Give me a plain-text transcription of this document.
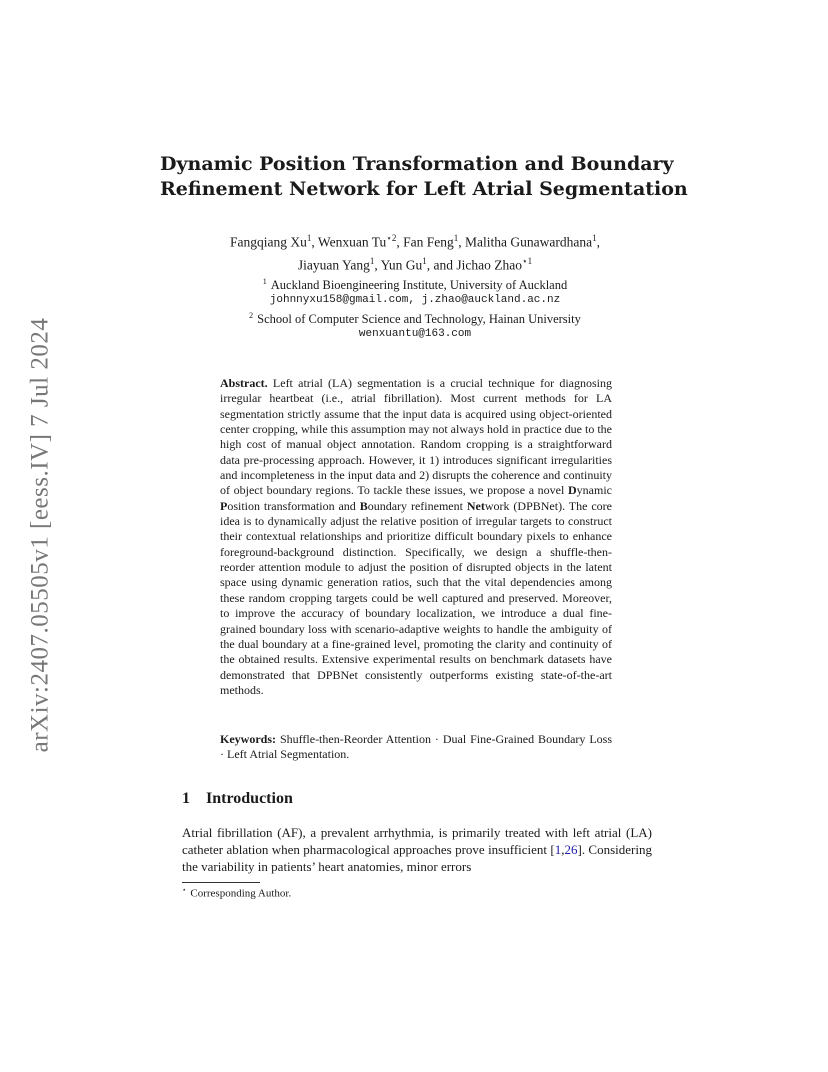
arXiv:2407.05505v1 [eess.IV] 7 Jul 2024
Dynamic Position Transformation and Boundary
Refinement Network for Left Atrial Segmentation
Fangqiang Xu$^1$, Wenxuan $Tu^{⋆2}$, Fan Feng$^1$, Malitha Gunawardhana$^1$,
Jiayuan Yang$^1$, Yun Gu$^1$, and Jichao Zhao$^{⋆1}$
$^1$ Auckland Bioengineering Institute, University of Auckland
johnnyxu158@gmail.com, j.zhao@auckland.ac.nz
$^2$ School of Computer Science and Technology, Hainan University
wenxuantu@163.com
Abstract. Left atrial (LA) segmentation is a crucial technique for diagnosing irregular heartbeat (i.e., atrial fibrillation). Most current methods for LA segmentation strictly assume that the input data is acquired using object-oriented center cropping, while this assumption may not always hold in practice due to the high cost of manual object annotation. Random cropping is a straightforward data pre-processing approach. However, it 1) introduces significant irregularities and incompleteness in the input data and 2) disrupts the coherence and continuity of object boundary regions. To tackle these issues, we propose a novel Dynamic Position transformation and Boundary refinement Network (DPBNet). The core idea is to dynamically adjust the relative position of irregular targets to construct their contextual relationships and prioritize difficult boundary pixels to enhance foreground-background distinction. Specifically, we design a shuffle-then-reorder attention module to adjust the position of disrupted objects in the latent space using dynamic generation ratios, such that the vital dependencies among these random cropping targets could be well captured and preserved. Moreover, to improve the accuracy of boundary localization, we introduce a dual fine-grained boundary loss with scenario-adaptive weights to handle the ambiguity of the dual boundary at a fine-grained level, promoting the clarity and continuity of the obtained results. Extensive experimental results on benchmark datasets have demonstrated that DPBNet consistently outperforms existing state-of-the-art methods.
Keywords: Shuffle-then-Reorder Attention · Dual Fine-Grained Boundary Loss · Left Atrial Segmentation.
1 Introduction
Atrial fibrillation (AF), a prevalent arrhythmia, is primarily treated with left atrial (LA) catheter ablation when pharmacological approaches prove insufficient [1,26]. Considering the variability in patients’ heart anatomies, minor errors
⋆ Corresponding Author.
